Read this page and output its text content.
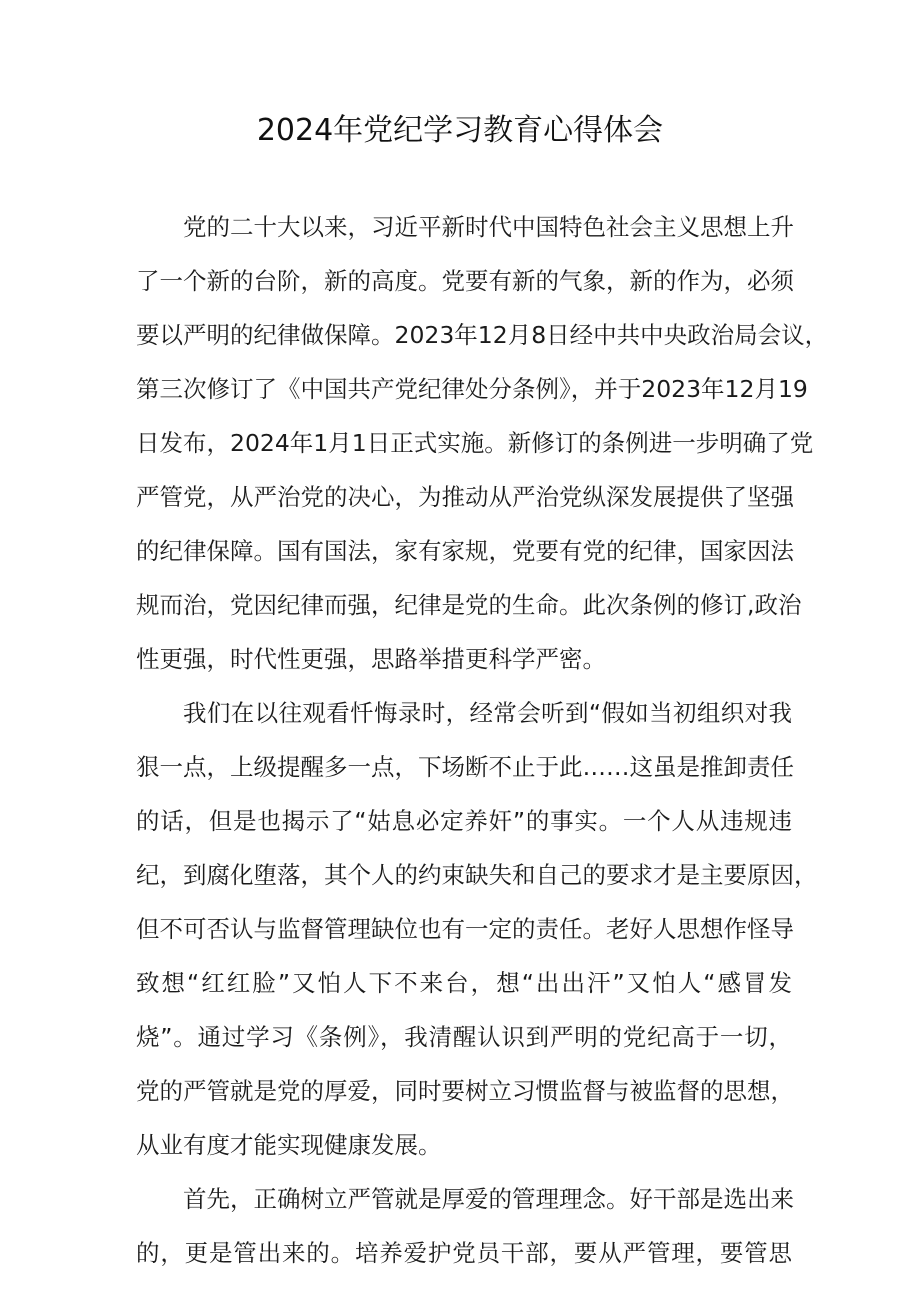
2024年党纪学习教育心得体会
党的二十大以来，习近平新时代中国特色社会主义思想上升
了一个新的台阶，新的高度。党要有新的气象，新的作为，必须
要以严明的纪律做保障。2023年12月8日经中共中央政治局会议，
第三次修订了《中国共产党纪律处分条例》，并于2023年12月19
日发布，2024年1月1日正式实施。新修订的条例进一步明确了党
严管党，从严治党的决心，为推动从严治党纵深发展提供了坚强
的纪律保障。国有国法，家有家规，党要有党的纪律，国家因法
规而治，党因纪律而强，纪律是党的生命。此次条例的修订,政治
性更强，时代性更强，思路举措更科学严密。
我们在以往观看忏悔录时，经常会听到“假如当初组织对我
狠一点，上级提醒多一点，下场断不止于此……这虽是推卸责任
的话，但是也揭示了“姑息必定养奸”的事实。一个人从违规违
纪，到腐化堕落，其个人的约束缺失和自己的要求才是主要原因，
但不可否认与监督管理缺位也有一定的责任。老好人思想作怪导
致想“红红脸”又怕人下不来台，想“出出汗”又怕人“感冒发
烧”。通过学习《条例》，我清醒认识到严明的党纪高于一切，
党的严管就是党的厚爱，同时要树立习惯监督与被监督的思想，
从业有度才能实现健康发展。
首先，正确树立严管就是厚爱的管理理念。好干部是选出来
的，更是管出来的。培养爱护党员干部，要从严管理，要管思
